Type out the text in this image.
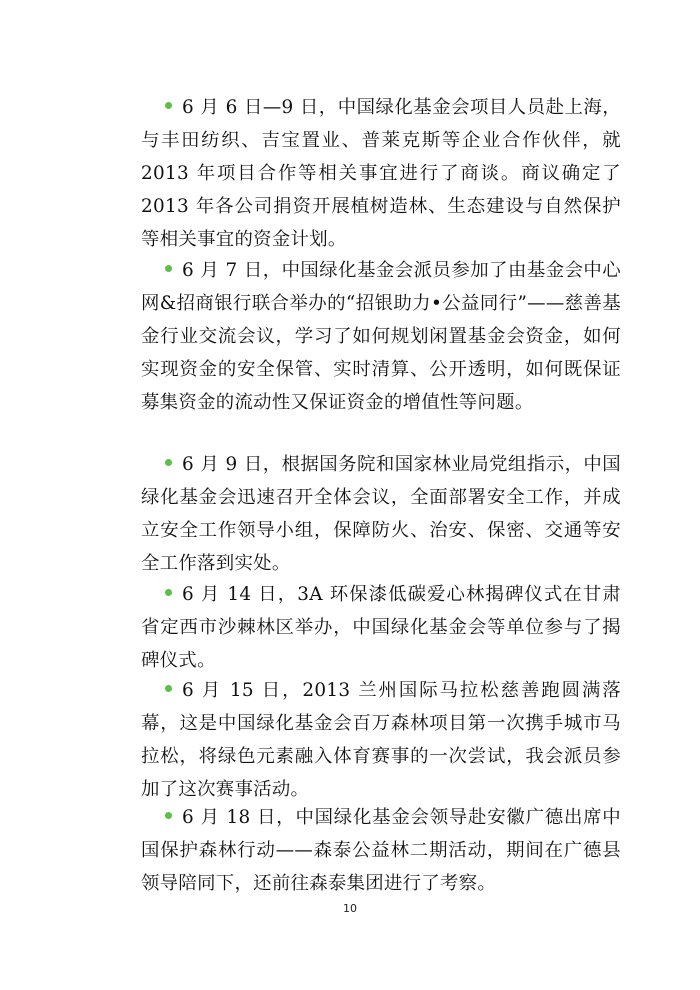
6 月 6 日—9 日，中国绿化基金会项目人员赴上海，与丰田纺织、吉宝置业、普莱克斯等企业合作伙伴，就 2013 年项目合作等相关事宜进行了商谈。商议确定了 2013 年各公司捐资开展植树造林、生态建设与自然保护等相关事宜的资金计划。

6 月 7 日，中国绿化基金会派员参加了由基金会中心网&招商银行联合举办的“招银助力•公益同行”——慈善基金行业交流会议，学习了如何规划闲置基金会资金，如何实现资金的安全保管、实时清算、公开透明，如何既保证募集资金的流动性又保证资金的增值性等问题。

6 月 9 日，根据国务院和国家林业局党组指示，中国绿化基金会迅速召开全体会议，全面部署安全工作，并成立安全工作领导小组，保障防火、治安、保密、交通等安全工作落到实处。

6 月 14 日，3A 环保漆低碳爱心林揭碑仪式在甘肃省定西市沙棘林区举办，中国绿化基金会等单位参与了揭碑仪式。

6 月 15 日，2013 兰州国际马拉松慈善跑圆满落幕，这是中国绿化基金会百万森林项目第一次携手城市马拉松，将绿色元素融入体育赛事的一次尝试，我会派员参加了这次赛事活动。

6 月 18 日，中国绿化基金会领导赴安徽广德出席中国保护森林行动——森泰公益林二期活动，期间在广德县领导陪同下，还前往森泰集团进行了考察。

10
